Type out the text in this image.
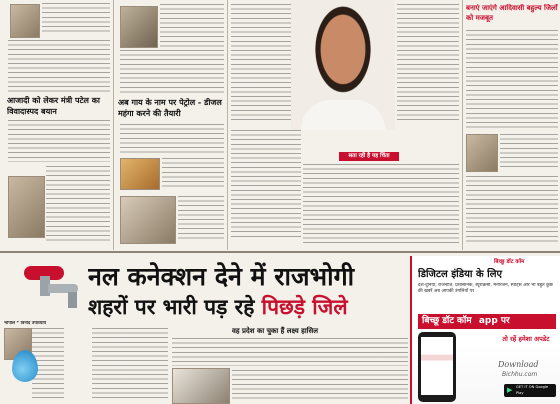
आजादी को लेकर मंत्री पटेल का विवादास्पद बयान
अब गाय के नाम पर पेट्रोल - डीजल महंगा करने की तैयारी
सता रही है यह चिंता
बनाएं जाएंगे आदिवासी बहुल्य जिलों को मजबूत
नल कनेक्शन देने में राजभोगी
शहरों पर भारी पड़ रहे पिछड़े जिले
भोपाल * विनोद उपाध्याय
वह प्रदेश का चुका हैं लक्ष्य हासिल
बिच्छू डॉट कॉम
डिजिटल इंडिया के लिए
देश-दुनिया, राजनीति, प्रशासनिक, ब्यूरोक्रेसी, मनोरंजन, स्पोर्ट्स और भी बहुत कुछ की खबरें अब आपकी उंगलियों पर
बिच्छू डॉट कॉम app पर
तो रहें हमेशा अपडेट
Download
Bichhu.com
▶ GET IT ON Google Play
